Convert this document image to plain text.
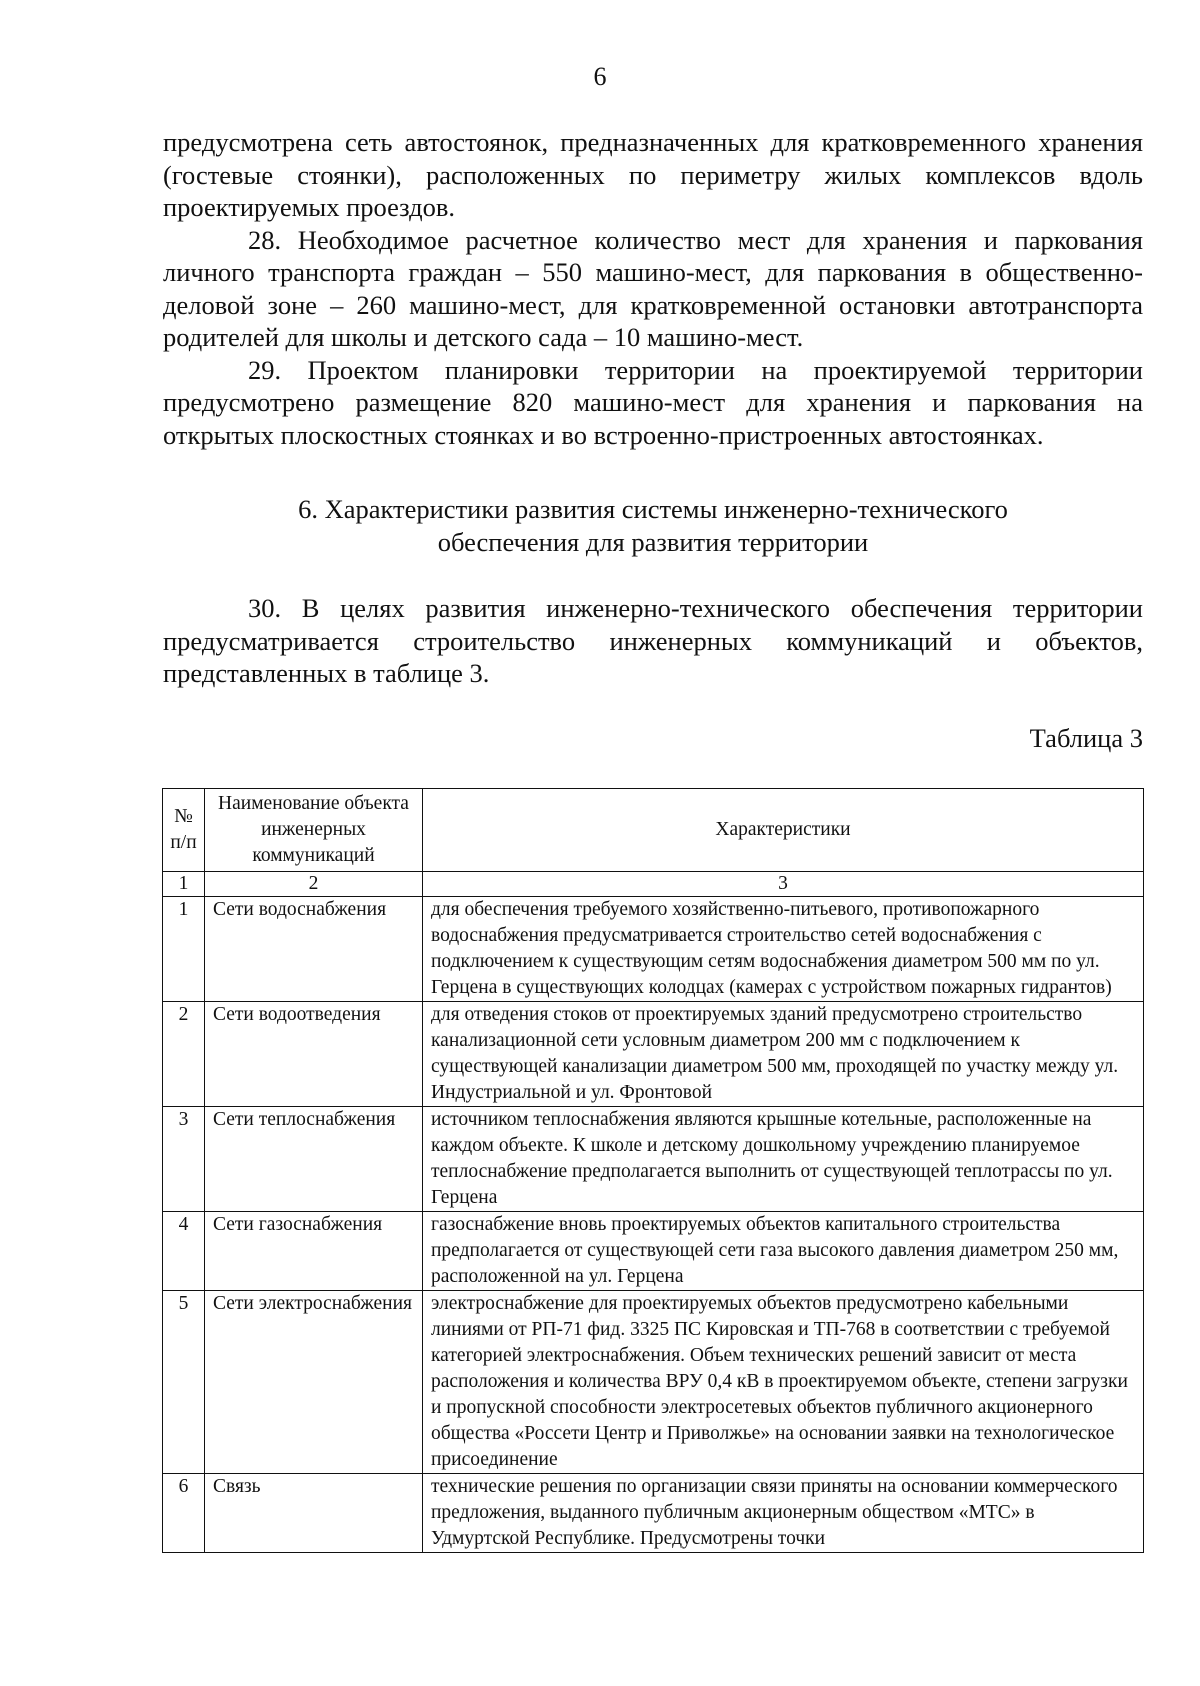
6

предусмотрена сеть автостоянок, предназначенных для кратковременного хранения (гостевые стоянки), расположенных по периметру жилых комплексов вдоль проектируемых проездов.

28. Необходимое расчетное количество мест для хранения и паркования личного транспорта граждан – 550 машино-мест, для паркования в общественно-деловой зоне – 260 машино-мест, для кратковременной остановки автотранспорта родителей для школы и детского сада – 10 машино-мест.

29. Проектом планировки территории на проектируемой территории предусмотрено размещение 820 машино-мест для хранения и паркования на открытых плоскостных стоянках и во встроенно-пристроенных автостоянках.

6. Характеристики развития системы инженерно-технического
обеспечения для развития территории

30. В целях развития инженерно-технического обеспечения территории предусматривается строительство инженерных коммуникаций и объектов, представленных в таблице 3.

Таблица 3
№ п/п	Наименование объекта инженерных коммуникаций	Характеристики
1	2	3
1	Сети водоснабжения	для обеспечения требуемого хозяйственно-питьевого, противопожарного водоснабжения предусматривается строительство сетей водоснабжения с подключением к существующим сетям водоснабжения диаметром 500 мм по ул. Герцена в существующих колодцах (камерах с устройством пожарных гидрантов)
2	Сети водоотведения	для отведения стоков от проектируемых зданий предусмотрено строительство канализационной сети условным диаметром 200 мм с подключением к существующей канализации диаметром 500 мм, проходящей по участку между ул. Индустриальной и ул. Фронтовой
3	Сети теплоснабжения	источником теплоснабжения являются крышные котельные, расположенные на каждом объекте. К школе и детскому дошкольному учреждению планируемое теплоснабжение предполагается выполнить от существующей теплотрассы по ул. Герцена
4	Сети газоснабжения	газоснабжение вновь проектируемых объектов капитального строительства предполагается от существующей сети газа высокого давления диаметром 250 мм, расположенной на ул. Герцена
5	Сети электроснабжения	электроснабжение для проектируемых объектов предусмотрено кабельными линиями от РП-71 фид. 3325 ПС Кировская и ТП-768 в соответствии с требуемой категорией электроснабжения. Объем технических решений зависит от места расположения и количества ВРУ 0,4 кВ в проектируемом объекте, степени загрузки и пропускной способности электросетевых объектов публичного акционерного общества «Россети Центр и Приволжье» на основании заявки на технологическое присоединение
6	Связь	технические решения по организации связи приняты на основании коммерческого предложения, выданного публичным акционерным обществом «МТС» в Удмуртской Республике. Предусмотрены точки
